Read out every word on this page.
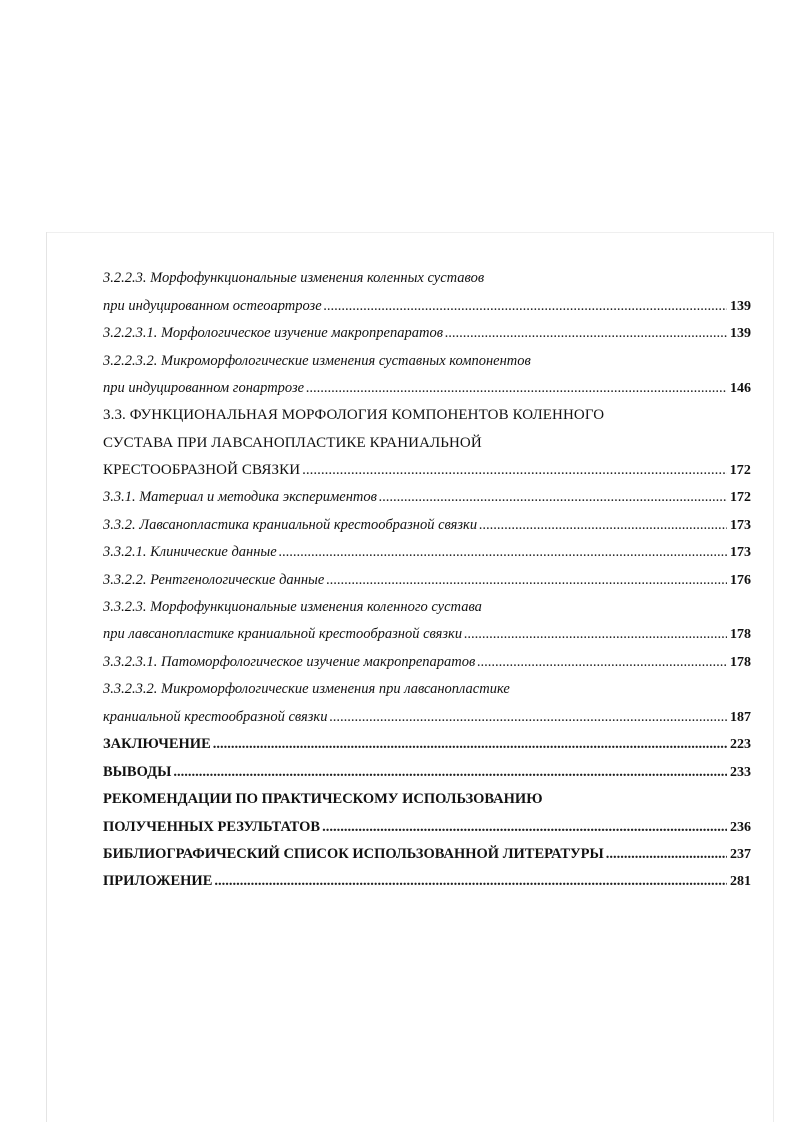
3.2.2.3. Морфофункциональные изменения коленных суставов
при индуцированном остеоартрозе .....	139
3.2.2.3.1. Морфологическое изучение макропрепаратов .....	139
3.2.2.3.2. Микроморфологические изменения суставных компонентов
при индуцированном гонартрозе .....	146
3.3. ФУНКЦИОНАЛЬНАЯ МОРФОЛОГИЯ КОМПОНЕНТОВ КОЛЕННОГО
СУСТАВА ПРИ ЛАВСАНОПЛАСТИКЕ КРАНИАЛЬНОЙ
КРЕСТООБРАЗНОЙ СВЯЗКИ .....	172
3.3.1. Материал и методика экспериментов .....	172
3.3.2. Лавсанопластика краниальной крестообразной связки .....	173
3.3.2.1. Клинические данные .....	173
3.3.2.2. Рентгенологические данные .....	176
3.3.2.3. Морфофункциональные изменения коленного сустава
при лавсанопластике краниальной крестообразной связки .....	178
3.3.2.3.1. Патоморфологическое изучение макропрепаратов .....	178
3.3.2.3.2. Микроморфологические изменения при лавсанопластике
краниальной крестообразной связки .....	187
ЗАКЛЮЧЕНИЕ .....	223
ВЫВОДЫ .....	233
РЕКОМЕНДАЦИИ ПО ПРАКТИЧЕСКОМУ ИСПОЛЬЗОВАНИЮ
ПОЛУЧЕННЫХ РЕЗУЛЬТАТОВ .....	236
БИБЛИОГРАФИЧЕСКИЙ СПИСОК ИСПОЛЬЗОВАННОЙ ЛИТЕРАТУРЫ .....	237
ПРИЛОЖЕНИЕ .....	281
